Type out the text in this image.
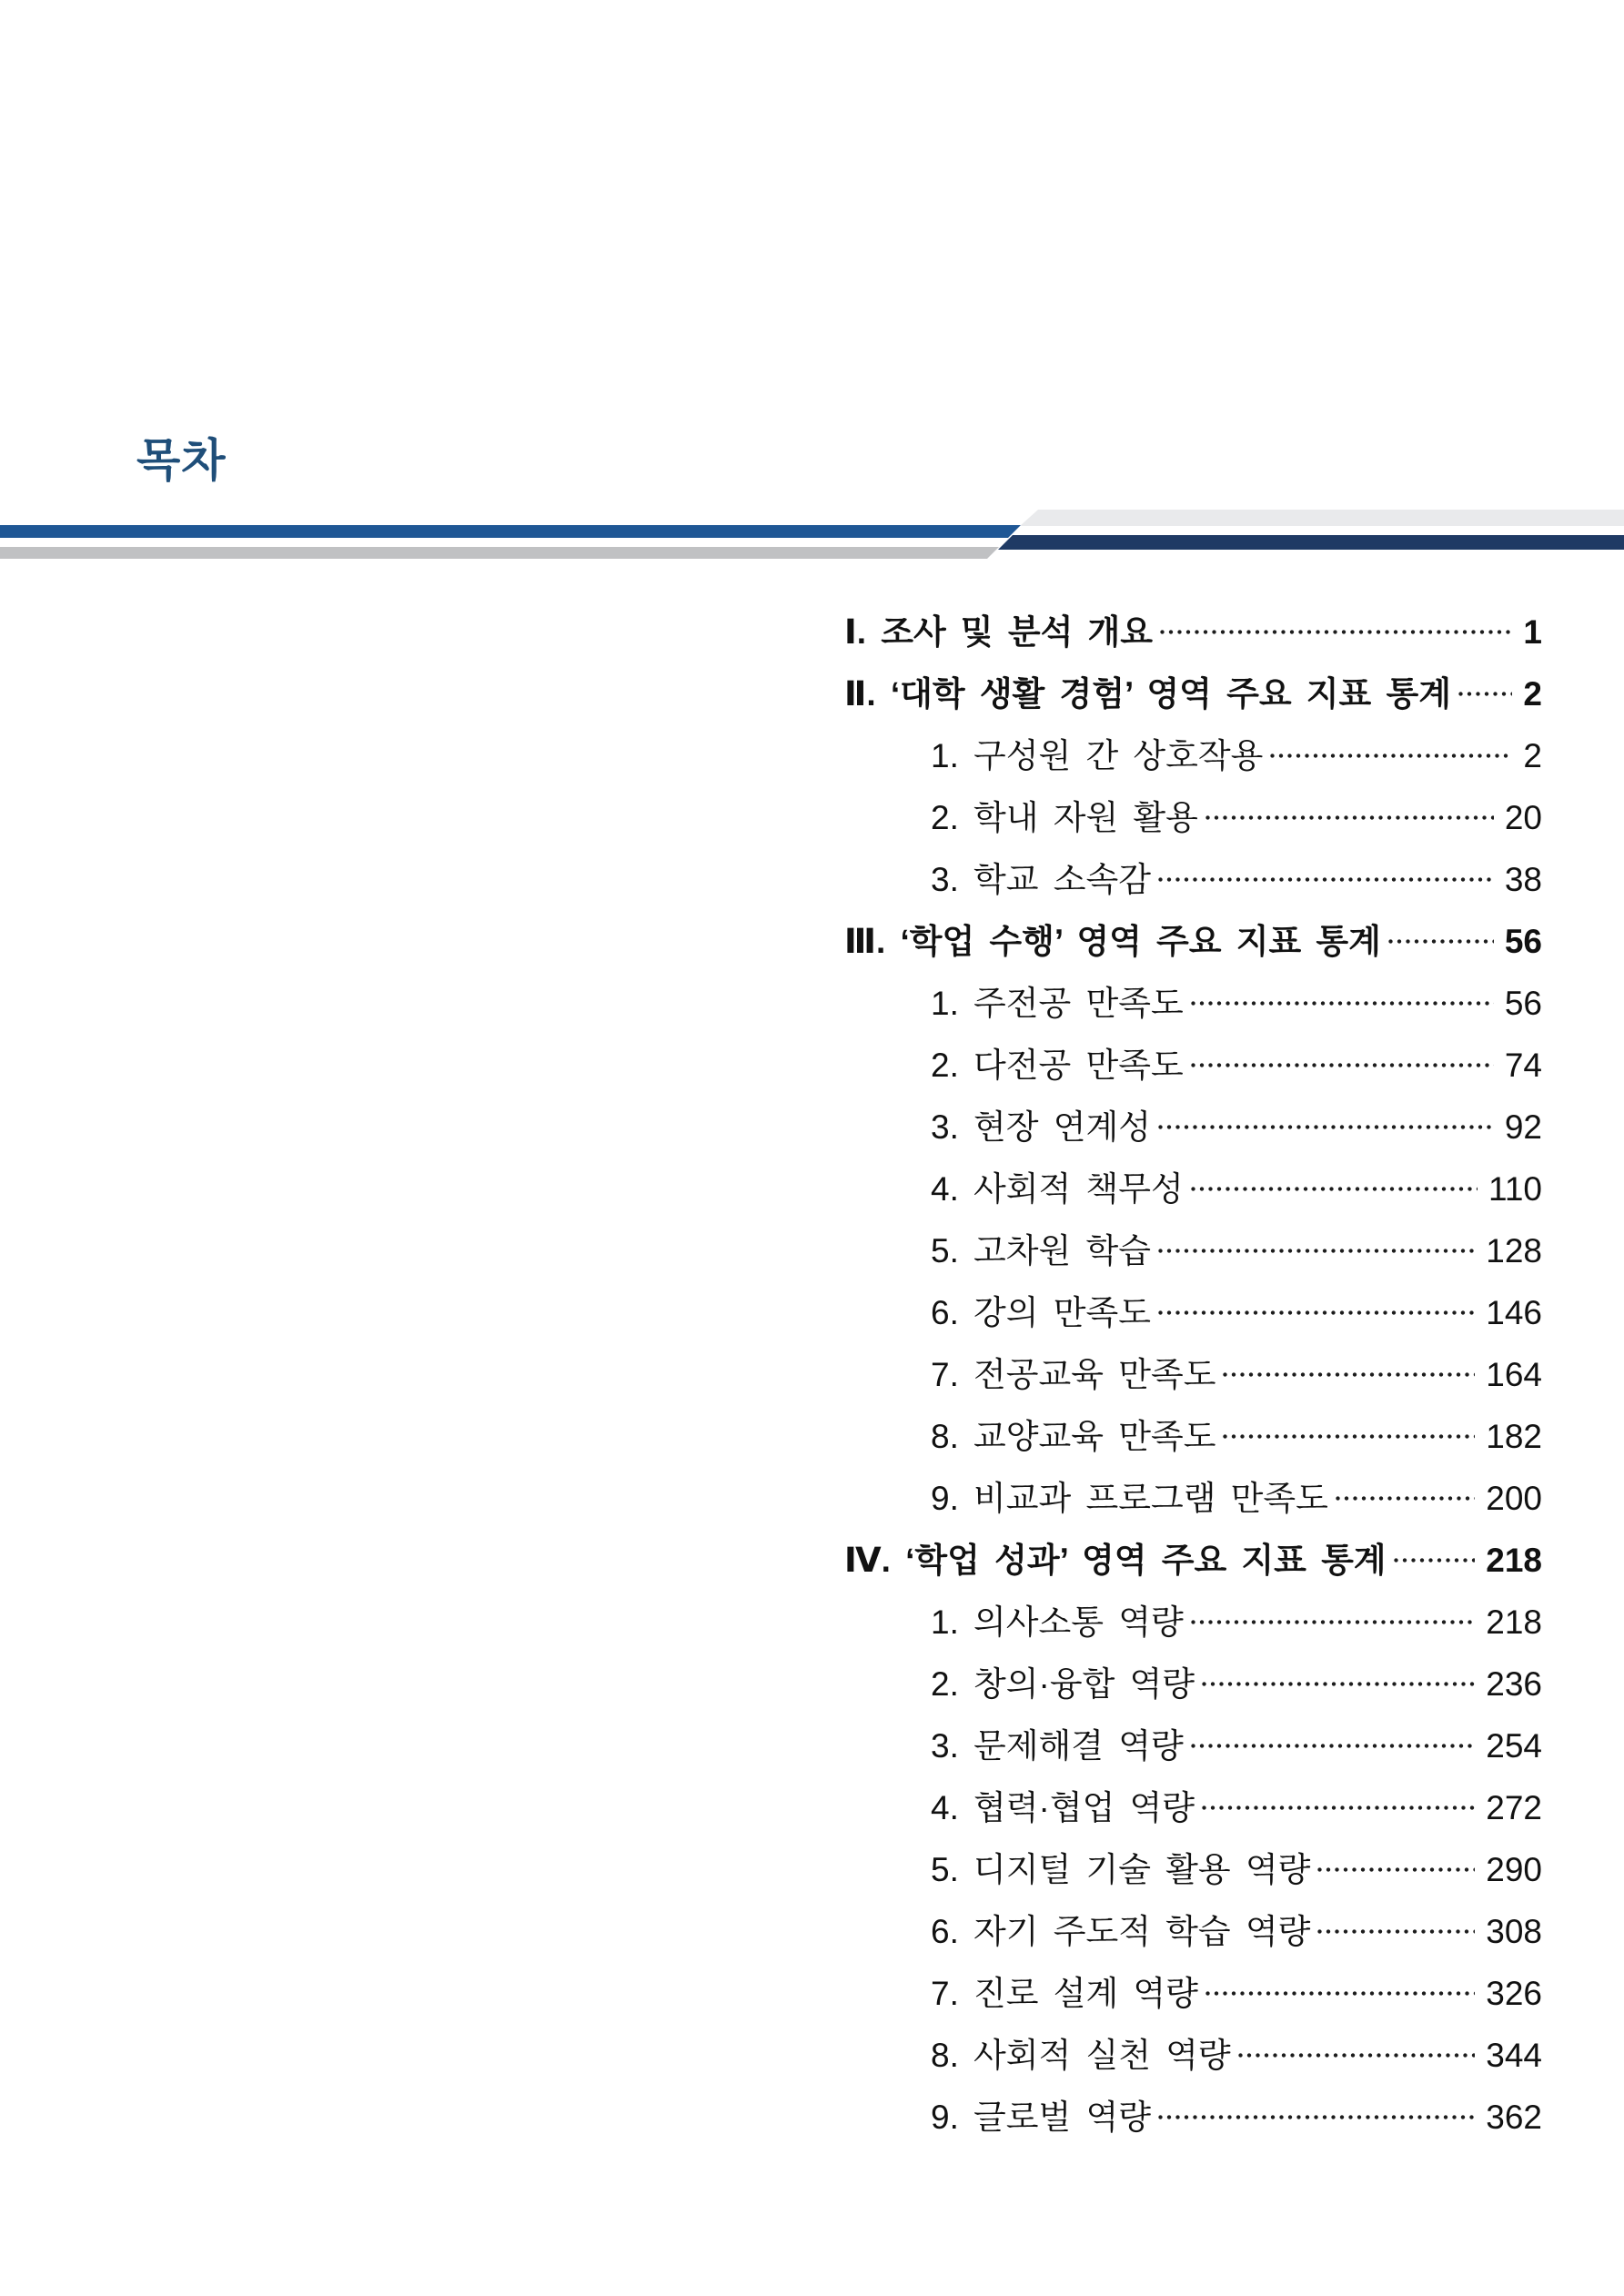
목차
Ⅰ. 조사 및 분석 개요	1
Ⅱ. ‘대학 생활 경험’ 영역 주요 지표 통계 2
1. 구성원 간 상호작용	2
2. 학내 자원 활용	20
3. 학교 소속감	38
Ⅲ. ‘학업 수행’ 영역 주요 지표 통계	56
1. 주전공 만족도	56
2. 다전공 만족도	74
3. 현장 연계성	92
4. 사회적 책무성	110
5. 고차원 학습	128
6. 강의 만족도	146
7. 전공교육 만족도	164
8. 교양교육 만족도	182
9. 비교과 프로그램 만족도	200
Ⅳ. ‘학업 성과’ 영역 주요 지표 통계	218
1. 의사소통 역량	218
2. 창의·융합 역량	236
3. 문제해결 역량	254
4. 협력·협업 역량	272
5. 디지털 기술 활용 역량	290
6. 자기 주도적 학습 역량	308
7. 진로 설계 역량	326
8. 사회적 실천 역량	344
9. 글로벌 역량	362
